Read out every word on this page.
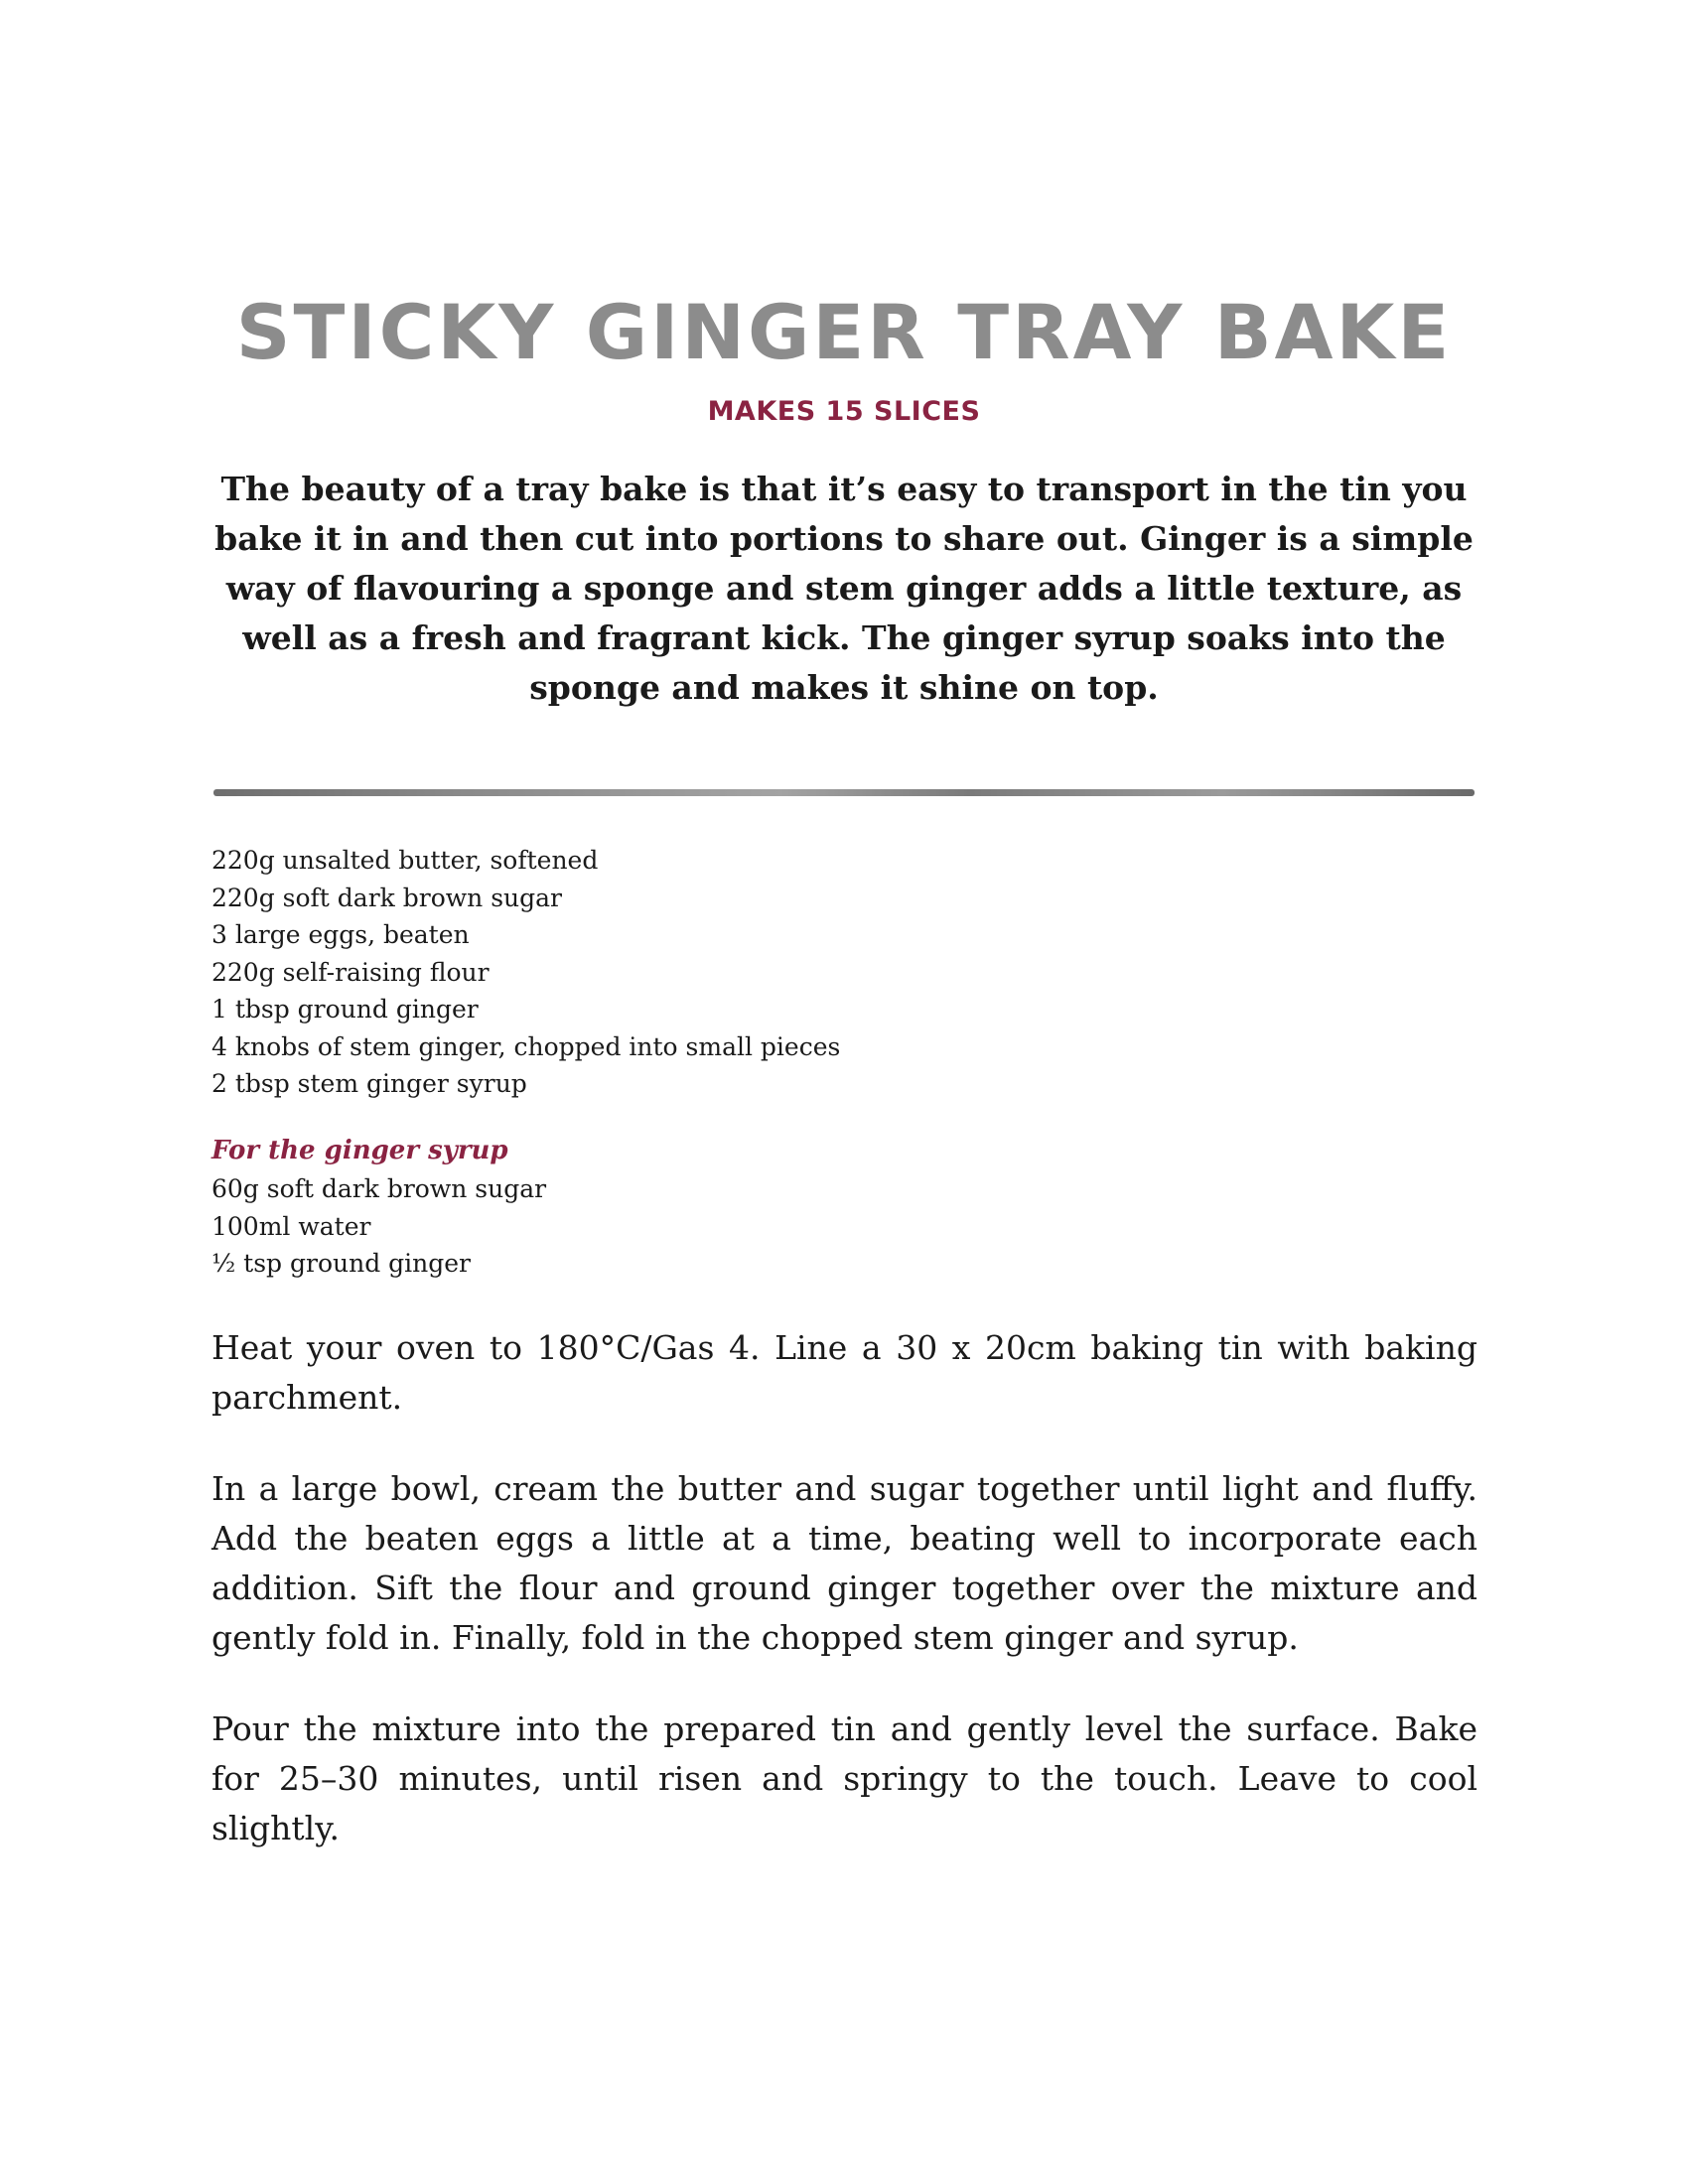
STICKY GINGER TRAY BAKE
MAKES 15 SLICES
The beauty of a tray bake is that it’s easy to transport in the tin you bake it in and then cut into portions to share out. Ginger is a simple way of flavouring a sponge and stem ginger adds a little texture, as well as a fresh and fragrant kick. The ginger syrup soaks into the sponge and makes it shine on top.
220g unsalted butter, softened
220g soft dark brown sugar
3 large eggs, beaten
220g self-raising flour
1 tbsp ground ginger
4 knobs of stem ginger, chopped into small pieces
2 tbsp stem ginger syrup
For the ginger syrup
60g soft dark brown sugar
100ml water
½ tsp ground ginger

Heat your oven to 180°C/Gas 4. Line a 30 x 20cm baking tin with baking parchment.

In a large bowl, cream the butter and sugar together until light and fluffy. Add the beaten eggs a little at a time, beating well to incorporate each addition. Sift the flour and ground ginger together over the mixture and gently fold in. Finally, fold in the chopped stem ginger and syrup.

Pour the mixture into the prepared tin and gently level the surface. Bake for 25–30 minutes, until risen and springy to the touch. Leave to cool slightly.
